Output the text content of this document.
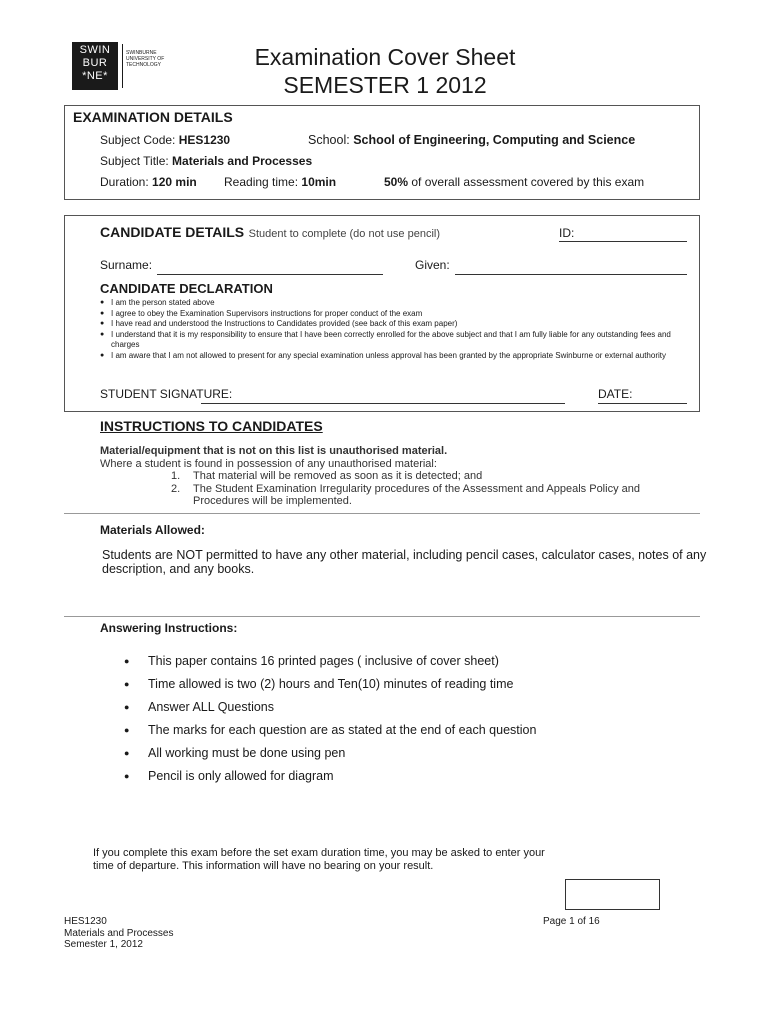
SWIN
BUR
*NE*
SWINBURNE
UNIVERSITY OF
TECHNOLOGY	Examination Cover Sheet
SEMESTER 1 2012
EXAMINATION DETAILS
Subject Code: HES1230	School: School of Engineering, Computing and Science
Subject Title: Materials and Processes
Duration: 120 min Reading time: 10min	50% of overall assessment covered by this exam
CANDIDATE DETAILS Student to complete (do not use pencil)	ID:
Surname:	Given:
CANDIDATE DECLARATION
● I am the person stated above
● I agree to obey the Examination Supervisors instructions for proper conduct of the exam
● I have read and understood the Instructions to Candidates provided (see back of this exam paper)
● I understand that it is my responsibility to ensure that I have been correctly enrolled for the above subject and that I am fully liable for any outstanding fees and charges
● I am aware that I am not allowed to present for any special examination unless approval has been granted by the appropriate Swinburne or external authority
STUDENT SIGNATURE:	DATE:
INSTRUCTIONS TO CANDIDATES
Material/equipment that is not on this list is unauthorised material.
Where a student is found in possession of any unauthorised material:
1. That material will be removed as soon as it is detected; and
2. The Student Examination Irregularity procedures of the Assessment and Appeals Policy and Procedures will be implemented.
Materials Allowed:
Students are NOT permitted to have any other material, including pencil cases, calculator cases, notes of any description, and any books.
Answering Instructions:
● This paper contains 16 printed pages ( inclusive of cover sheet)
● Time allowed is two (2) hours and Ten(10) minutes of reading time
● Answer ALL Questions
● The marks for each question are as stated at the end of each question
● All working must be done using pen
● Pencil is only allowed for diagram
If you complete this exam before the set exam duration time, you may be asked to enter your time of departure. This information will have no bearing on your result.
HES1230
Materials and Processes
Semester 1, 2012
Page 1 of 16
